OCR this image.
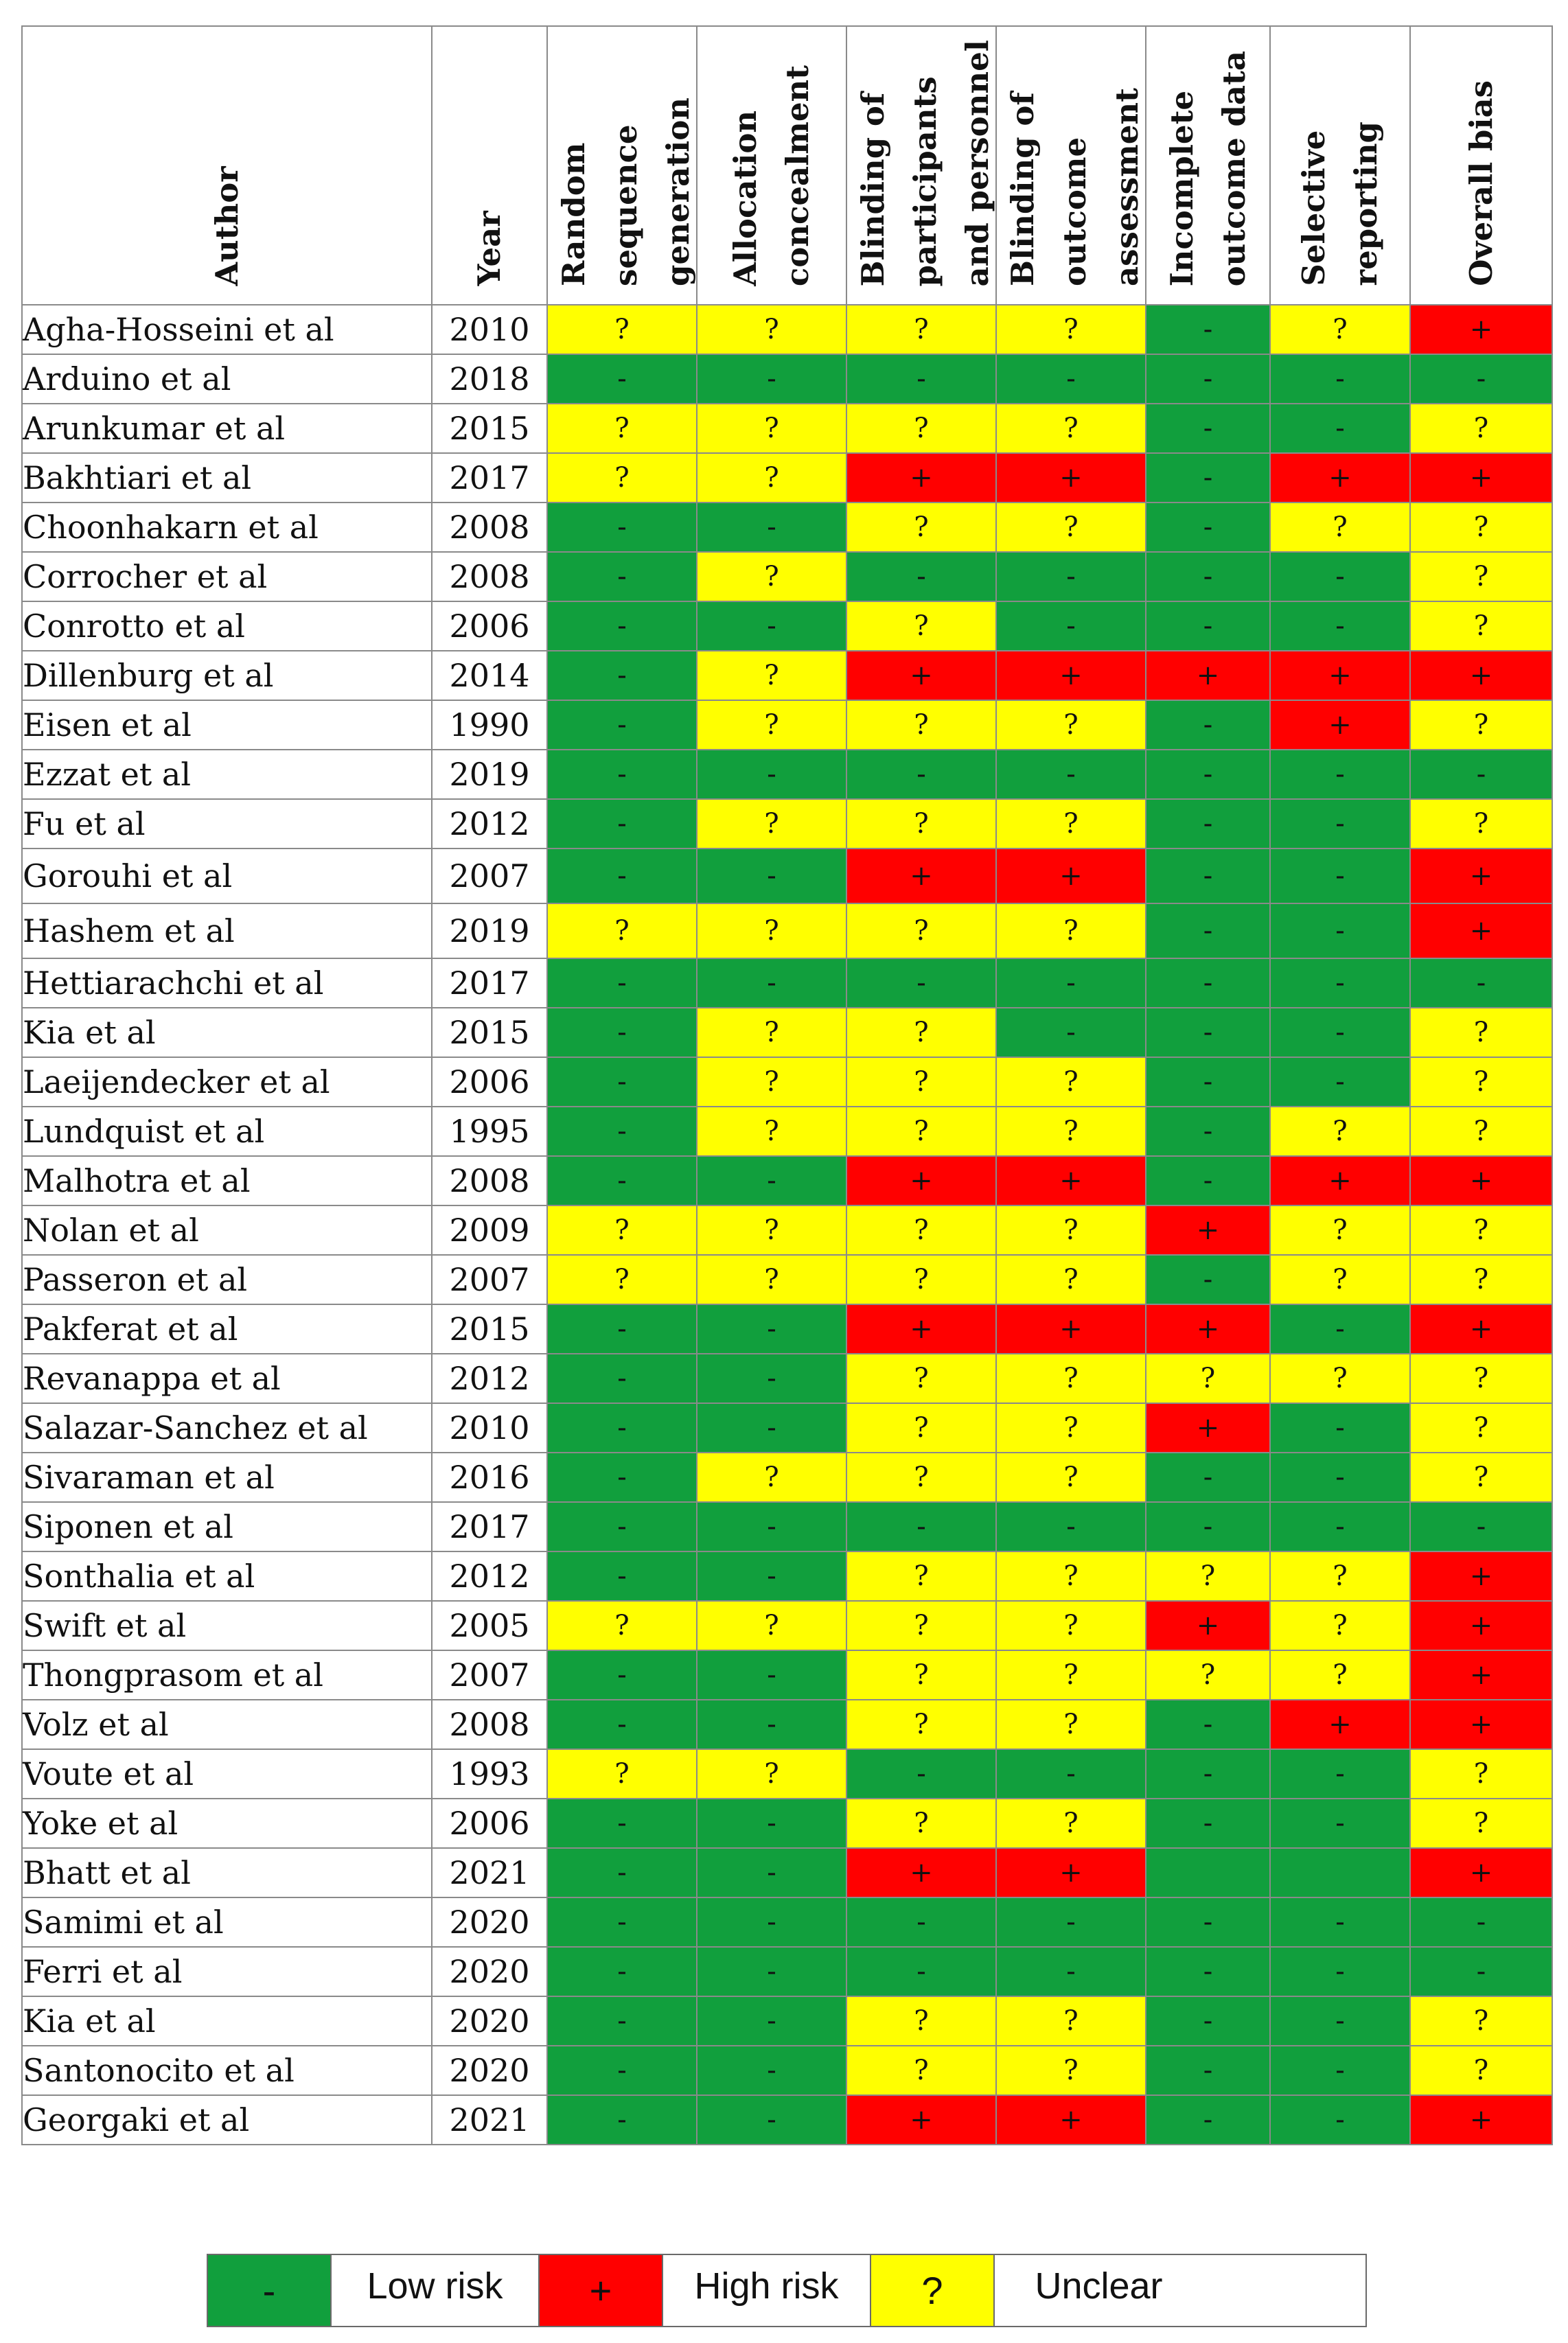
Author	Year	Random
sequence
generation	Allocation
concealment	Blinding of
participants
and personnel	Blinding of
outcome
assessment	Incomplete
outcome data	Selective
reporting	Overall bias

Agha-Hosseini et al	2010	?	?	?	?	-	?	+
Arduino et al	2018	-	-	-	-	-	-	-
Arunkumar et al	2015	?	?	?	?	-	-	?
Bakhtiari et al	2017	?	?	+	+	-	+	+
Choonhakarn et al	2008	-	-	?	?	-	?	?
Corrocher et al	2008	-	?	-	-	-	-	?
Conrotto et al	2006	-	-	?	-	-	-	?
Dillenburg et al	2014	-	?	+	+	+	+	+
Eisen et al	1990	-	?	?	?	-	+	?
Ezzat et al	2019	-	-	-	-	-	-	-
Fu et al	2012	-	?	?	?	-	-	?
Gorouhi et al	2007	-	-	+	+	-	-	+
Hashem et al	2019	?	?	?	?	-	-	+
Hettiarachchi et al	2017	-	-	-	-	-	-	-
Kia et al	2015	-	?	?	-	-	-	?
Laeijendecker et al	2006	-	?	?	?	-	-	?
Lundquist et al	1995	-	?	?	?	-	?	?
Malhotra et al	2008	-	-	+	+	-	+	+
Nolan et al	2009	?	?	?	?	+	?	?
Passeron et al	2007	?	?	?	?	-	?	?
Pakferat et al	2015	-	-	+	+	+	-	+
Revanappa et al	2012	-	-	?	?	?	?	?
Salazar-Sanchez et al	2010	-	-	?	?	+	-	?
Sivaraman et al	2016	-	?	?	?	-	-	?
Siponen et al	2017	-	-	-	-	-	-	-
Sonthalia et al	2012	-	-	?	?	?	?	+
Swift et al	2005	?	?	?	?	+	?	+
Thongprasom et al	2007	-	-	?	?	?	?	+
Volz et al	2008	-	-	?	?	-	+	+
Voute et al	1993	?	?	-	-	-	-	?
Yoke et al	2006	-	-	?	?	-	-	?
Bhatt et al	2021	-	-	+	+			+
Samimi et al	2020	-	-	-	-	-	-	-
Ferri et al	2020	-	-	-	-	-	-	-
Kia et al	2020	-	-	?	?	-	-	?
Santonocito et al	2020	-	-	?	?	-	-	?
Georgaki et al	2021	-	-	+	+	-	-	+
-	Low risk	+	High risk	?	Unclear
